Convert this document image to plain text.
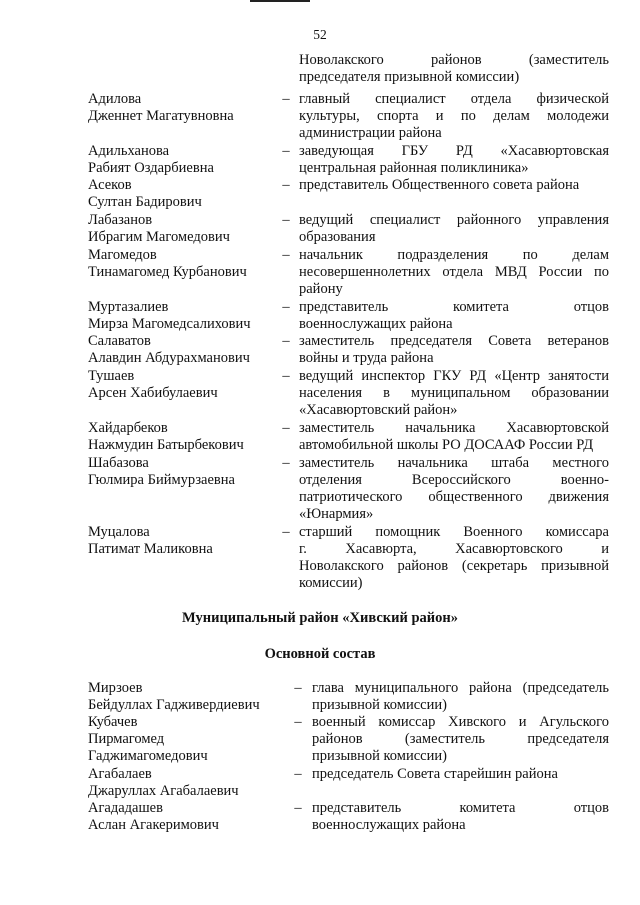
52
Новолакского районов (заместитель
председателя призывной комиссии)
Адилова
Дженнет Магатувновна
– главный специалист отдела физической
культуры, спорта и по делам молодежи
администрации района
Адильханова
Рабият Оздарбиевна
– заведующая ГБУ РД «Хасавюртовская
центральная районная поликлиника»
Асеков
Султан Бадирович
– представитель Общественного совета района
Лабазанов
Ибрагим Магомедович
– ведущий специалист районного управления
образования
Магомедов
Тинамагомед Курбанович
– начальник подразделения по делам
несовершеннолетних отдела МВД России по
району
Муртазалиев
Мирза Магомедсалихович
– представитель комитета отцов
военнослужащих района
Салаватов
Алавдин Абдурахманович
– заместитель председателя Совета ветеранов
войны и труда района
Тушаев
Арсен Хабибулаевич
– ведущий инспектор ГКУ РД «Центр занятости
населения в муниципальном образовании
«Хасавюртовский район»
Хайдарбеков
Нажмудин Батырбекович
– заместитель начальника Хасавюртовской
автомобильной школы РО ДОСААФ России РД
Шабазова
Гюлмира Биймурзаевна
– заместитель начальника штаба местного
отделения Всероссийского военно-
патриотического общественного движения
«Юнармия»
Муцалова
Патимат Маликовна
– старший помощник Военного комиссара
г. Хасавюрта, Хасавюртовского и
Новолакского районов (секретарь призывной
комиссии)
Муниципальный район «Хивский район»
Основной состав
Мирзоев
Бейдуллах Гадживердиевич
– глава муниципального района (председатель
призывной комиссии)
Кубачев
Пирмагомед
Гаджимагомедович
– военный комиссар Хивского и Агульского
районов (заместитель председателя
призывной комиссии)
Агабалаев
Джаруллах Агабалаевич
– председатель Совета старейшин района
Агададашев
Аслан Агакеримович
– представитель комитета отцов
военнослужащих района
